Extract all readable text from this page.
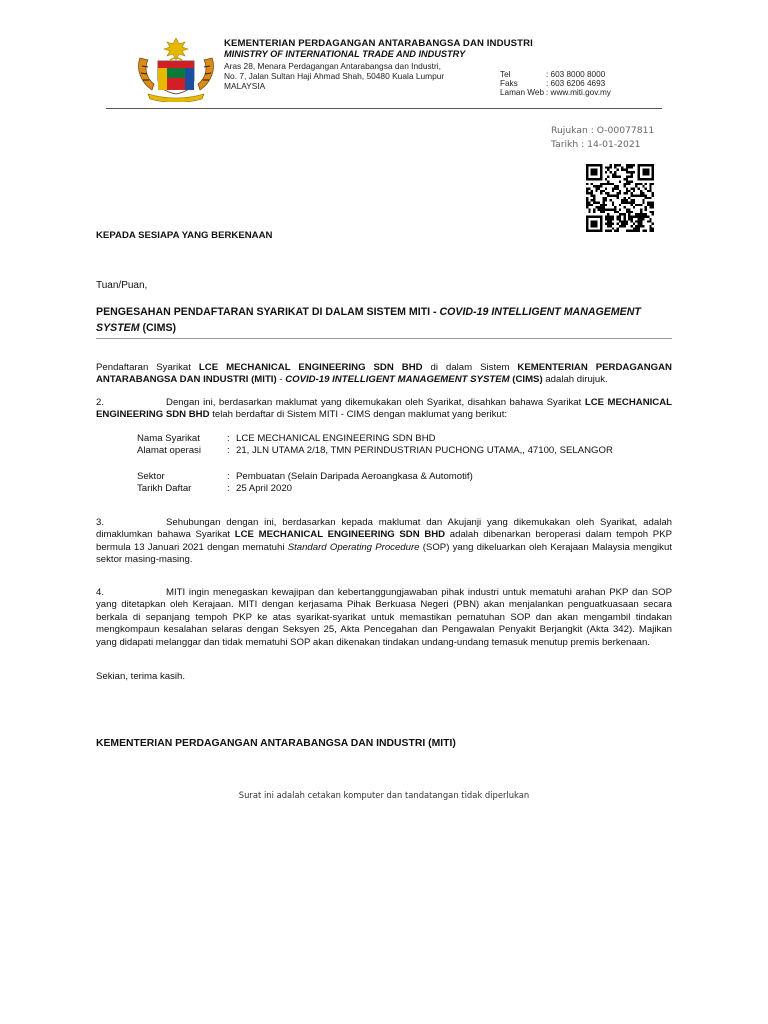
KEMENTERIAN PERDAGANGAN ANTARABANGSA DAN INDUSTRI
MINISTRY OF INTERNATIONAL TRADE AND INDUSTRY
Aras 28, Menara Perdagangan Antarabangsa dan Industri,
No. 7, Jalan Sultan Haji Ahmad Shah, 50480 Kuala Lumpur
MALAYSIA
Tel	: 603 8000 8000
Faks	: 603 6206 4693
Laman Web : www.miti.gov.my
Rujukan : O-00077811
Tarikh : 14-01-2021
KEPADA SESIAPA YANG BERKENAAN
Tuan/Puan,
PENGESAHAN PENDAFTARAN SYARIKAT DI DALAM SISTEM MITI - COVID-19 INTELLIGENT MANAGEMENT SYSTEM (CIMS)
Pendaftaran Syarikat LCE MECHANICAL ENGINEERING SDN BHD di dalam Sistem KEMENTERIAN PERDAGANGAN ANTARABANGSA DAN INDUSTRI (MITI) - COVID-19 INTELLIGENT MANAGEMENT SYSTEM (CIMS) adalah dirujuk.
2.	Dengan ini, berdasarkan maklumat yang dikemukakan oleh Syarikat, disahkan bahawa Syarikat LCE MECHANICAL ENGINEERING SDN BHD telah berdaftar di Sistem MITI - CIMS dengan maklumat yang berikut:
Nama Syarikat	: LCE MECHANICAL ENGINEERING SDN BHD
Alamat operasi	: 21, JLN UTAMA 2/18, TMN PERINDUSTRIAN PUCHONG UTAMA,, 47100, SELANGOR
Sektor	: Pembuatan (Selain Daripada Aeroangkasa & Automotif)
Tarikh Daftar	: 25 April 2020
3.	Sehubungan dengan ini, berdasarkan kepada maklumat dan Akujanji yang dikemukakan oleh Syarikat, adalah dimaklumkan bahawa Syarikat LCE MECHANICAL ENGINEERING SDN BHD adalah dibenarkan beroperasi dalam tempoh PKP bermula 13 Januari 2021 dengan mematuhi Standard Operating Procedure (SOP) yang dikeluarkan oleh Kerajaan Malaysia mengikut sektor masing-masing.
4.	MITI ingin menegaskan kewajipan dan kebertanggungjawaban pihak industri untuk mematuhi arahan PKP dan SOP yang ditetapkan oleh Kerajaan. MITI dengan kerjasama Pihak Berkuasa Negeri (PBN) akan menjalankan penguatkuasaan secara berkala di sepanjang tempoh PKP ke atas syarikat-syarikat untuk memastikan pematuhan SOP dan akan mengambil tindakan mengkompaun kesalahan selaras dengan Seksyen 25, Akta Pencegahan dan Pengawalan Penyakit Berjangkit (Akta 342). Majikan yang didapati melanggar dan tidak mematuhi SOP akan dikenakan tindakan undang-undang temasuk menutup premis berkenaan.
Sekian, terima kasih.
KEMENTERIAN PERDAGANGAN ANTARABANGSA DAN INDUSTRI (MITI)
Surat ini adalah cetakan komputer dan tandatangan tidak diperlukan
